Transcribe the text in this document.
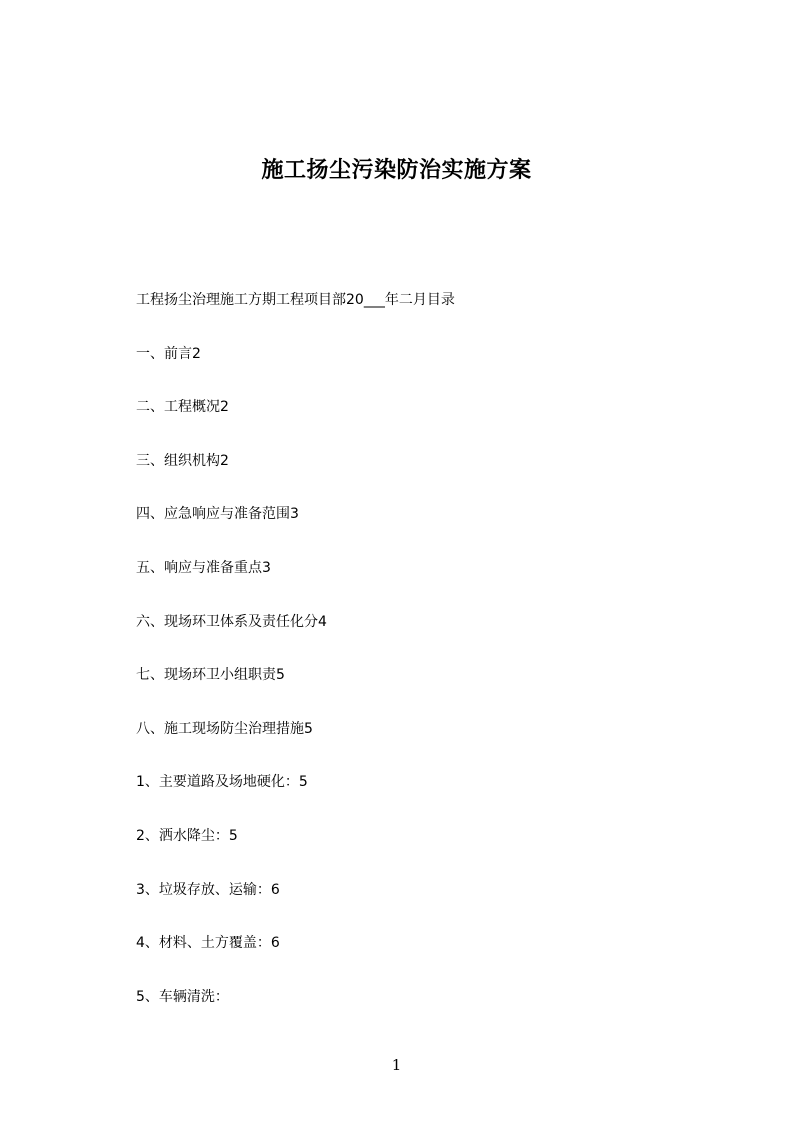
施工扬尘污染防治实施方案
工程扬尘治理施工方期工程项目部20___年二月目录
一、前言2
二、工程概况2
三、组织机构2
四、应急响应与准备范围3
五、响应与准备重点3
六、现场环卫体系及责任化分4
七、现场环卫小组职责5
八、施工现场防尘治理措施5
1、主要道路及场地硬化：5
2、洒水降尘：5
3、垃圾存放、运输：6
4、材料、土方覆盖：6
5、车辆清洗：
1
